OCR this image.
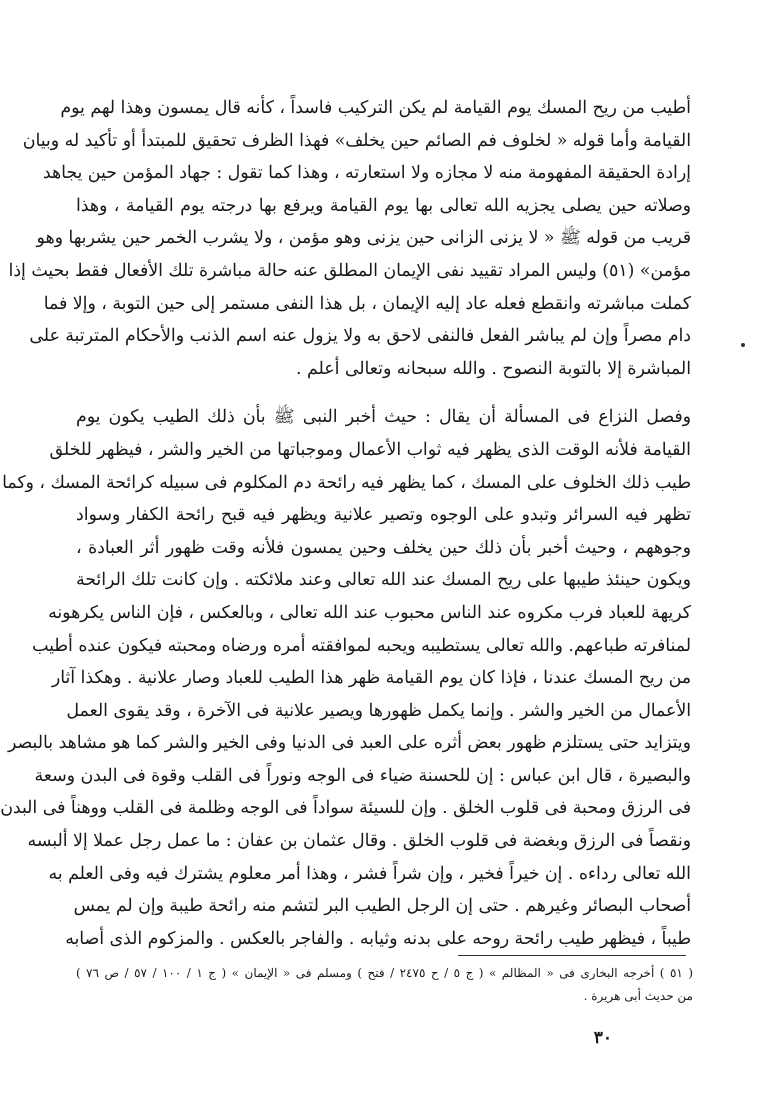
أطيب من ريح المسك يوم القيامة لم يكن التركيب فاسداً ، كأنه قال يمسون وهذا لهم يوم
القيامة وأما قوله « لخلوف فم الصائم حين يخلف» فهذا الظرف تحقيق للمبتدأ أو تأكيد له وبيان
إرادة الحقيقة المفهومة منه لا مجازه ولا استعارته ، وهذا كما تقول : جهاد المؤمن حين يجاهد
وصلاته حين يصلى يجزيه الله تعالى بها يوم القيامة ويرفع بها درجته يوم القيامة ، وهذا
قريب من قوله ﷺ « لا يزنى الزانى حين يزنى وهو مؤمن ، ولا يشرب الخمر حين يشربها وهو
مؤمن» (٥١) وليس المراد تقييد نفى الإيمان المطلق عنه حالة مباشرة تلك الأفعال فقط بحيث إذا
كملت مباشرته وانقطع فعله عاد إليه الإيمان ، بل هذا النفى مستمر إلى حين التوبة ، وإلا فما
دام مصراً وإن لم يباشر الفعل فالنفى لاحق به ولا يزول عنه اسم الذنب والأحكام المترتبة على
المباشرة إلا بالتوبة النصوح . والله سبحانه وتعالى أعلم .
وفصل النزاع فى المسألة أن يقال : حيث أخبر النبى ﷺ بأن ذلك الطيب يكون يوم
القيامة فلأنه الوقت الذى يظهر فيه ثواب الأعمال وموجباتها من الخير والشر ، فيظهر للخلق
طيب ذلك الخلوف على المسك ، كما يظهر فيه رائحة دم المكلوم فى سبيله كرائحة المسك ، وكما
تظهر فيه السرائر وتبدو على الوجوه وتصير علانية ويظهر فيه قبح رائحة الكفار وسواد
وجوههم ، وحيث أخبر بأن ذلك حين يخلف وحين يمسون فلأنه وقت ظهور أثر العبادة ،
ويكون حينئذ طيبها على ريح المسك عند الله تعالى وعند ملائكته . وإن كانت تلك الرائحة
كريهة للعباد فرب مكروه عند الناس محبوب عند الله تعالى ، وبالعكس ، فإن الناس يكرهونه
لمنافرته طباعهم. والله تعالى يستطيبه ويحبه لموافقته أمره ورضاه ومحبته فيكون عنده أطيب
من ريح المسك عندنا ، فإذا كان يوم القيامة ظهر هذا الطيب للعباد وصار علانية . وهكذا آثار
الأعمال من الخير والشر . وإنما يكمل ظهورها ويصير علانية فى الآخرة ، وقد يقوى العمل
ويتزايد حتى يستلزم ظهور بعض أثره على العبد فى الدنيا وفى الخير والشر كما هو مشاهد بالبصر
والبصيرة ، قال ابن عباس : إن للحسنة ضياء فى الوجه ونوراً فى القلب وقوة فى البدن وسعة
فى الرزق ومحبة فى قلوب الخلق . وإن للسيئة سواداً فى الوجه وظلمة فى القلب ووهناً فى البدن
ونقصاً فى الرزق وبغضة فى قلوب الخلق . وقال عثمان بن عفان : ما عمل رجل عملا إلا ألبسه
الله تعالى رداءه . إن خيراً فخير ، وإن شراً فشر ، وهذا أمر معلوم يشترك فيه وفى العلم به
أصحاب البصائر وغيرهم . حتى إن الرجل الطيب البر لتشم منه رائحة طيبة وإن لم يمس
طيباً ، فيظهر طيب رائحة روحه على بدنه وثيابه . والفاجر بالعكس . والمزكوم الذى أصابه
( ٥١ ) أخرجه البخارى فى « المظالم » ( ج ٥ / ح ٢٤٧٥ / فتح ) ومسلم فى « الإيمان » ( ج ١ / ١٠٠ / ٥٧ / ص ٧٦ )
من حديث أبى هريرة .
٣٠
